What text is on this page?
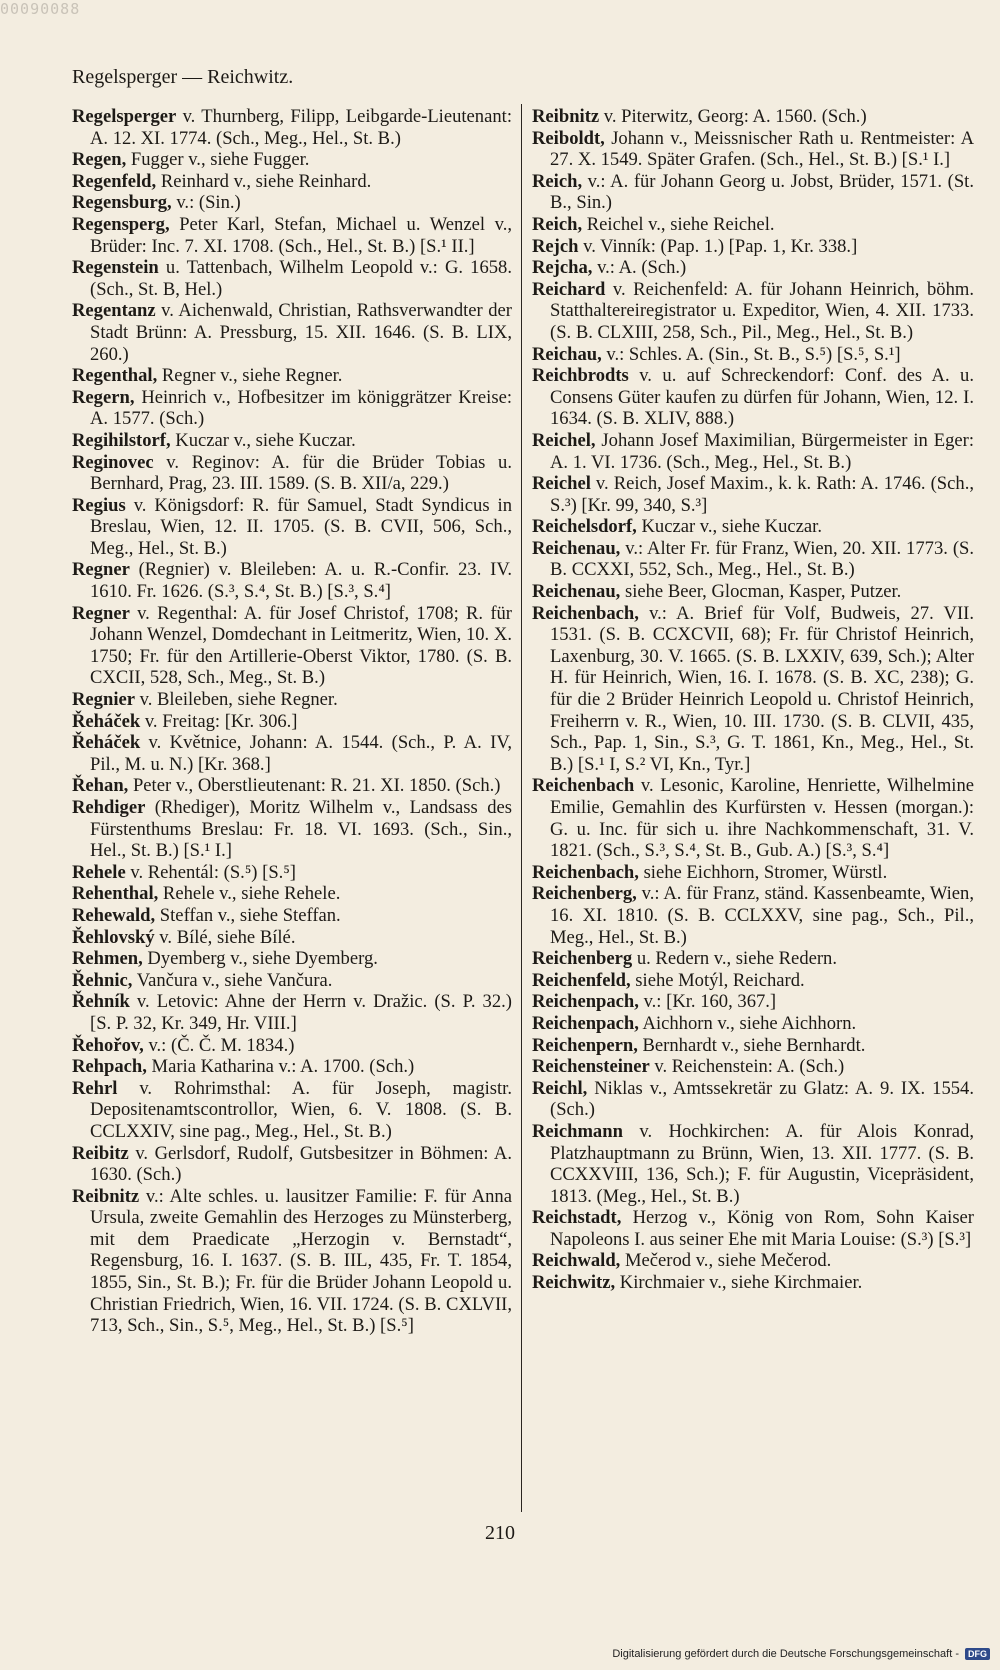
00090088
Regelsperger — Reichwitz.

Regelsperger v. Thurnberg, Filipp, Leibgarde-Lieutenant: A. 12. XI. 1774. (Sch., Meg., Hel., St. B.)

Regen, Fugger v., siehe Fugger.

Regenfeld, Reinhard v., siehe Reinhard.

Regensburg, v.: (Sin.)

Regensperg, Peter Karl, Stefan, Michael u. Wenzel v., Brüder: Inc. 7. XI. 1708. (Sch., Hel., St. B.) [S.¹ II.]

Regenstein u. Tattenbach, Wilhelm Leopold v.: G. 1658. (Sch., St. B, Hel.)

Regentanz v. Aichenwald, Christian, Rathsverwandter der Stadt Brünn: A. Pressburg, 15. XII. 1646. (S. B. LIX, 260.)

Regenthal, Regner v., siehe Regner.

Regern, Heinrich v., Hofbesitzer im königgrätzer Kreise: A. 1577. (Sch.)

Regihilstorf, Kuczar v., siehe Kuczar.

Reginovec v. Reginov: A. für die Brüder Tobias u. Bernhard, Prag, 23. III. 1589. (S. B. XII/a, 229.)

Regius v. Königsdorf: R. für Samuel, Stadt Syndicus in Breslau, Wien, 12. II. 1705. (S. B. CVII, 506, Sch., Meg., Hel., St. B.)

Regner (Regnier) v. Bleileben: A. u. R.-Confir. 23. IV. 1610. Fr. 1626. (S.³, S.⁴, St. B.) [S.³, S.⁴]

Regner v. Regenthal: A. für Josef Christof, 1708; R. für Johann Wenzel, Domdechant in Leitmeritz, Wien, 10. X. 1750; Fr. für den Artillerie-Oberst Viktor, 1780. (S. B. CXCII, 528, Sch., Meg., St. B.)

Regnier v. Bleileben, siehe Regner.

Řeháček v. Freitag: [Kr. 306.]

Řeháček v. Květnice, Johann: A. 1544. (Sch., P. A. IV, Pil., M. u. N.) [Kr. 368.]

Řehan, Peter v., Oberstlieutenant: R. 21. XI. 1850. (Sch.)

Rehdiger (Rhediger), Moritz Wilhelm v., Landsass des Fürstenthums Breslau: Fr. 18. VI. 1693. (Sch., Sin., Hel., St. B.) [S.¹ I.]

Rehele v. Rehentál: (S.⁵) [S.⁵]

Rehenthal, Rehele v., siehe Rehele.

Rehewald, Steffan v., siehe Steffan.

Řehlovský v. Bílé, siehe Bílé.

Rehmen, Dyemberg v., siehe Dyemberg.

Řehnic, Vančura v., siehe Vančura.

Řehník v. Letovic: Ahne der Herrn v. Dražic. (S. P. 32.) [S. P. 32, Kr. 349, Hr. VIII.]

Řehořov, v.: (Č. Č. M. 1834.)

Rehpach, Maria Katharina v.: A. 1700. (Sch.)

Rehrl v. Rohrimsthal: A. für Joseph, magistr. Depositenamtscontrollor, Wien, 6. V. 1808. (S. B. CCLXXIV, sine pag., Meg., Hel., St. B.)

Reibitz v. Gerlsdorf, Rudolf, Gutsbesitzer in Böhmen: A. 1630. (Sch.)

Reibnitz v.: Alte schles. u. lausitzer Familie: F. für Anna Ursula, zweite Gemahlin des Herzoges zu Münsterberg, mit dem Praedicate „Herzogin v. Bernstadt“, Regensburg, 16. I. 1637. (S. B. IIL, 435, Fr. T. 1854, 1855, Sin., St. B.); Fr. für die Brüder Johann Leopold u. Christian Friedrich, Wien, 16. VII. 1724. (S. B. CXLVII, 713, Sch., Sin., S.⁵, Meg., Hel., St. B.) [S.⁵]

Reibnitz v. Piterwitz, Georg: A. 1560. (Sch.)

Reiboldt, Johann v., Meissnischer Rath u. Rentmeister: A 27. X. 1549. Später Grafen. (Sch., Hel., St. B.) [S.¹ I.]

Reich, v.: A. für Johann Georg u. Jobst, Brüder, 1571. (St. B., Sin.)

Reich, Reichel v., siehe Reichel.

Rejch v. Vinník: (Pap. 1.) [Pap. 1, Kr. 338.]

Rejcha, v.: A. (Sch.)

Reichard v. Reichenfeld: A. für Johann Heinrich, böhm. Statthaltereiregistrator u. Expeditor, Wien, 4. XII. 1733. (S. B. CLXIII, 258, Sch., Pil., Meg., Hel., St. B.)

Reichau, v.: Schles. A. (Sin., St. B., S.⁵) [S.⁵, S.¹]

Reichbrodts v. u. auf Schreckendorf: Conf. des A. u. Consens Güter kaufen zu dürfen für Johann, Wien, 12. I. 1634. (S. B. XLIV, 888.)

Reichel, Johann Josef Maximilian, Bürgermeister in Eger: A. 1. VI. 1736. (Sch., Meg., Hel., St. B.)

Reichel v. Reich, Josef Maxim., k. k. Rath: A. 1746. (Sch., S.³) [Kr. 99, 340, S.³]

Reichelsdorf, Kuczar v., siehe Kuczar.

Reichenau, v.: Alter Fr. für Franz, Wien, 20. XII. 1773. (S. B. CCXXI, 552, Sch., Meg., Hel., St. B.)

Reichenau, siehe Beer, Glocman, Kasper, Putzer.

Reichenbach, v.: A. Brief für Volf, Budweis, 27. VII. 1531. (S. B. CCXCVII, 68); Fr. für Christof Heinrich, Laxenburg, 30. V. 1665. (S. B. LXXIV, 639, Sch.); Alter H. für Heinrich, Wien, 16. I. 1678. (S. B. XC, 238); G. für die 2 Brüder Heinrich Leopold u. Christof Heinrich, Freiherrn v. R., Wien, 10. III. 1730. (S. B. CLVII, 435, Sch., Pap. 1, Sin., S.³, G. T. 1861, Kn., Meg., Hel., St. B.) [S.¹ I, S.² VI, Kn., Tyr.]

Reichenbach v. Lesonic, Karoline, Henriette, Wilhelmine Emilie, Gemahlin des Kurfürsten v. Hessen (morgan.): G. u. Inc. für sich u. ihre Nachkommenschaft, 31. V. 1821. (Sch., S.³, S.⁴, St. B., Gub. A.) [S.³, S.⁴]

Reichenbach, siehe Eichhorn, Stromer, Würstl.

Reichenberg, v.: A. für Franz, ständ. Kassenbeamte, Wien, 16. XI. 1810. (S. B. CCLXXV, sine pag., Sch., Pil., Meg., Hel., St. B.)

Reichenberg u. Redern v., siehe Redern.

Reichenfeld, siehe Motýl, Reichard.

Reichenpach, v.: [Kr. 160, 367.]

Reichenpach, Aichhorn v., siehe Aichhorn.

Reichenpern, Bernhardt v., siehe Bernhardt.

Reichensteiner v. Reichenstein: A. (Sch.)

Reichl, Niklas v., Amtssekretär zu Glatz: A. 9. IX. 1554. (Sch.)

Reichmann v. Hochkirchen: A. für Alois Konrad, Platzhauptmann zu Brünn, Wien, 13. XII. 1777. (S. B. CCXXVIII, 136, Sch.); F. für Augustin, Vicepräsident, 1813. (Meg., Hel., St. B.)

Reichstadt, Herzog v., König von Rom, Sohn Kaiser Napoleons I. aus seiner Ehe mit Maria Louise: (S.³) [S.³]

Reichwald, Mečerod v., siehe Mečerod.

Reichwitz, Kirchmaier v., siehe Kirchmaier.

210
Digitalisierung gefördert durch die Deutsche Forschungsgemeinschaft -	DFG
